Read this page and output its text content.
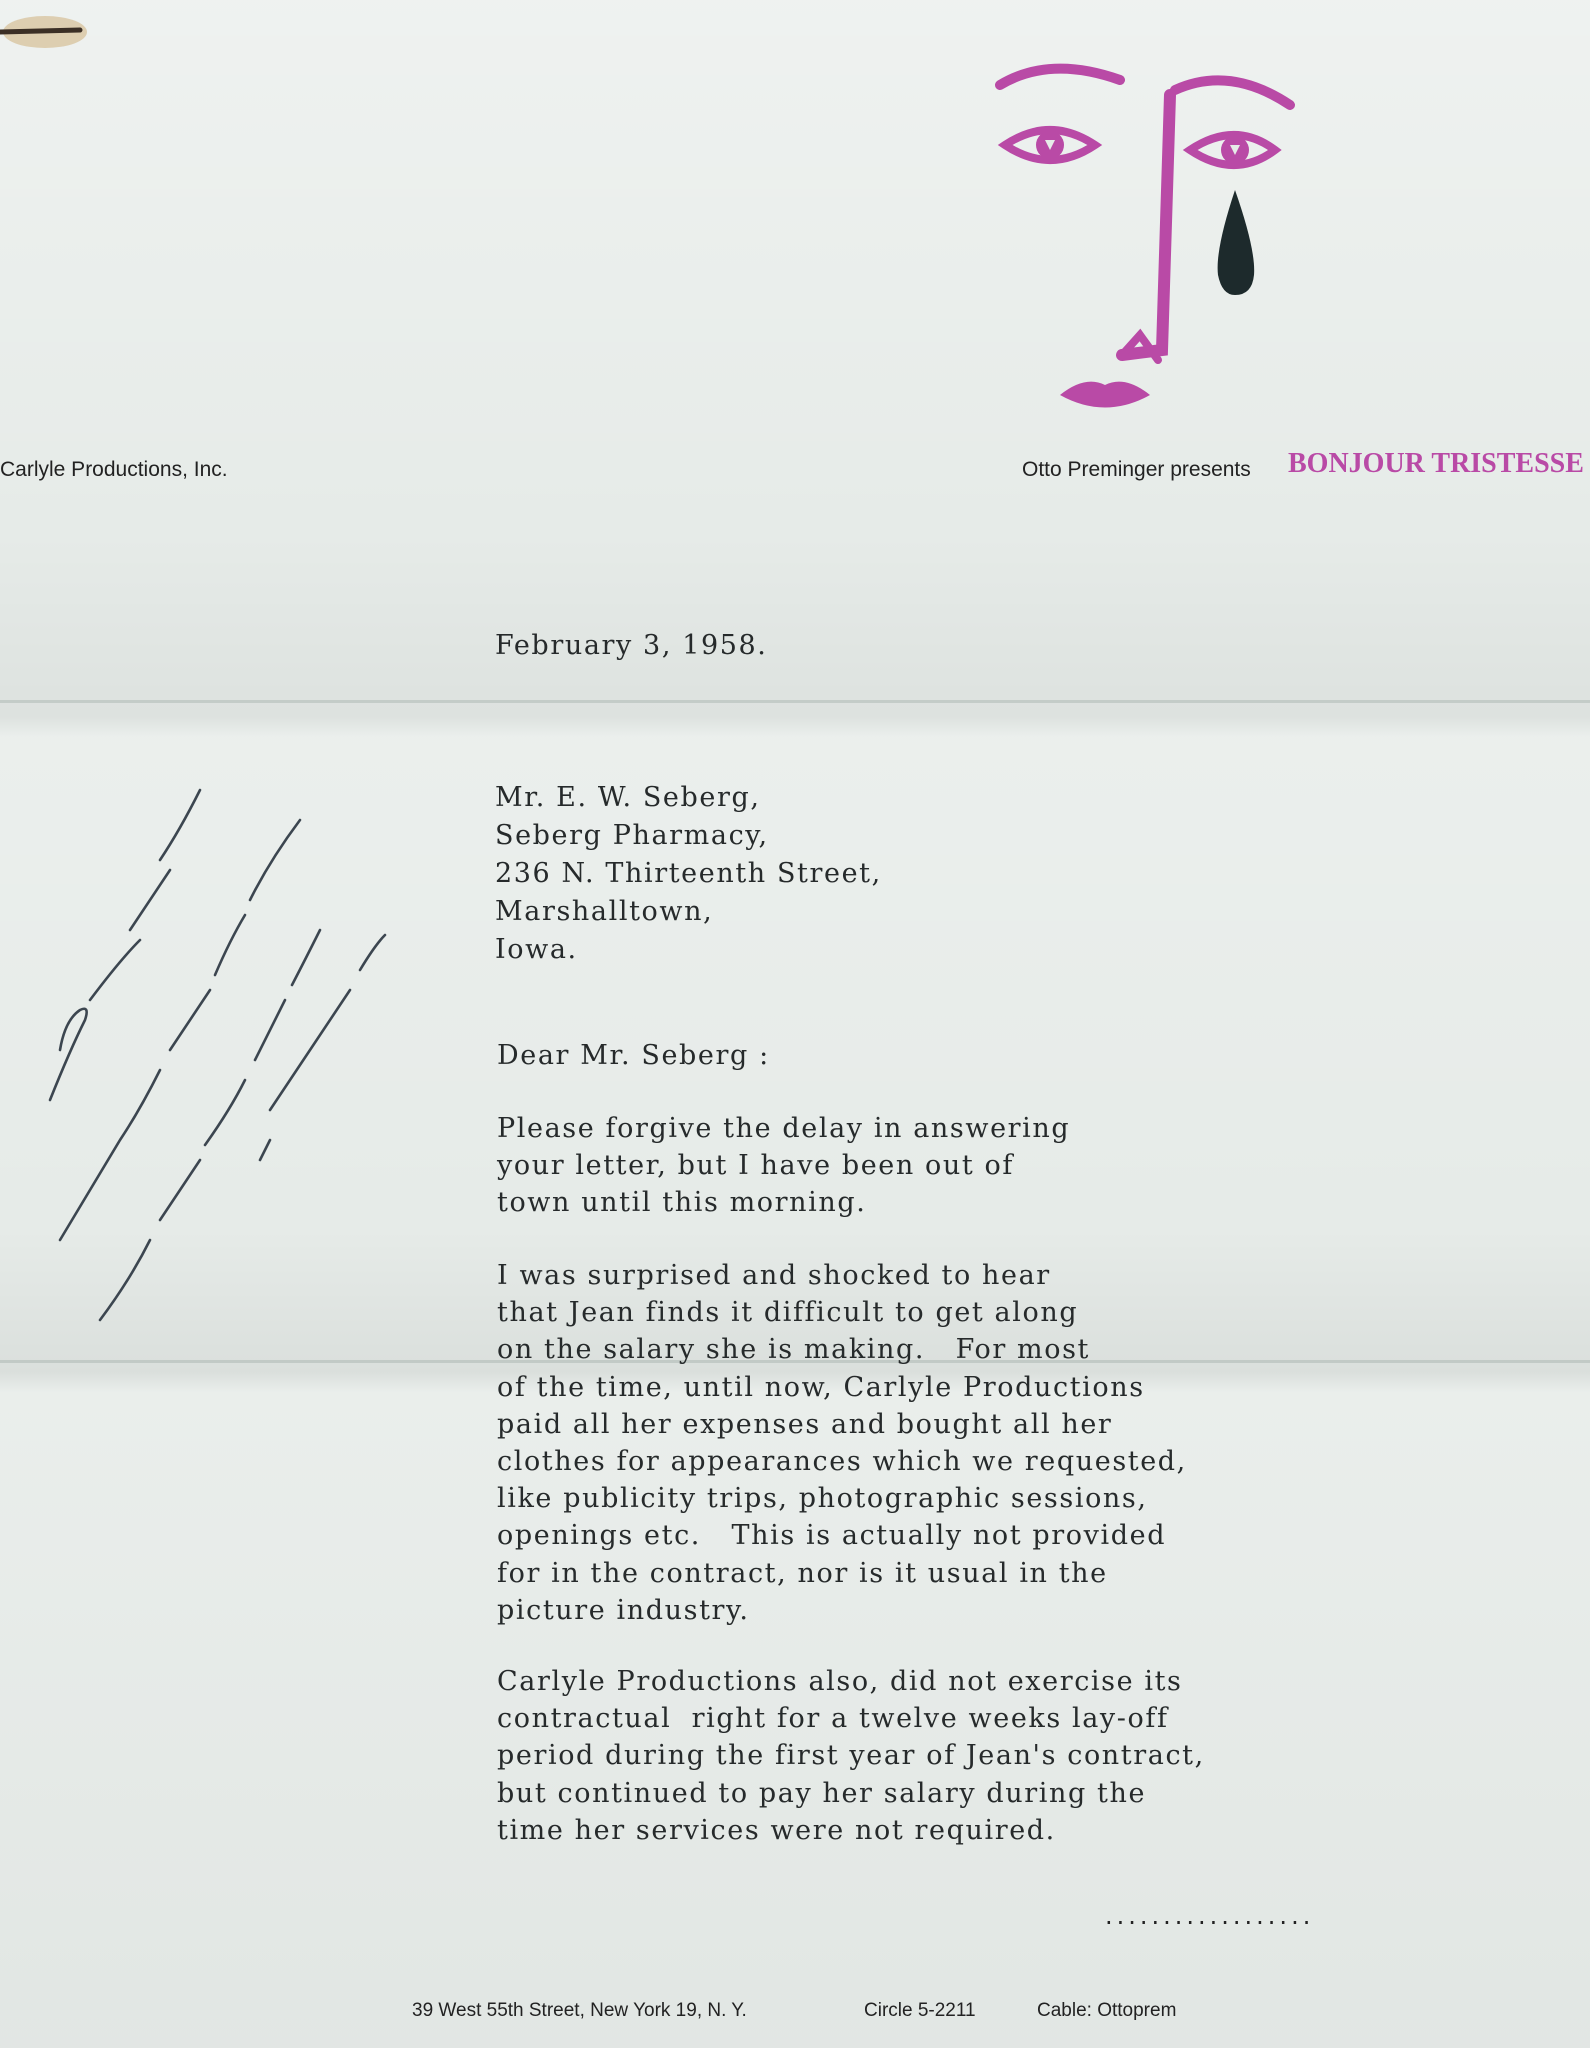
Carlyle Productions, Inc.	Otto Preminger presents BONJOUR TRISTESSE
February 3, 1958.
Mr. E. W. Seberg,
Seberg Pharmacy,
236 N. Thirteenth Street,
Marshalltown,
Iowa.
Dear Mr. Seberg :
Please forgive the delay in answering
your letter, but I have been out of
town until this morning.
I was surprised and shocked to hear
that Jean finds it difficult to get along
on the salary she is making.   For most
of the time, until now, Carlyle Productions
paid all her expenses and bought all her
clothes for appearances which we requested,
like publicity trips, photographic sessions,
openings etc.   This is actually not provided
for in the contract, nor is it usual in the
picture industry.
Carlyle Productions also, did not exercise its
contractual  right for a twelve weeks lay-off
period during the first year of Jean's contract,
but continued to pay her salary during the
time her services were not required.
..................
39 West 55th Street, New York 19, N. Y.	Circle 5-2211	Cable: Ottoprem
